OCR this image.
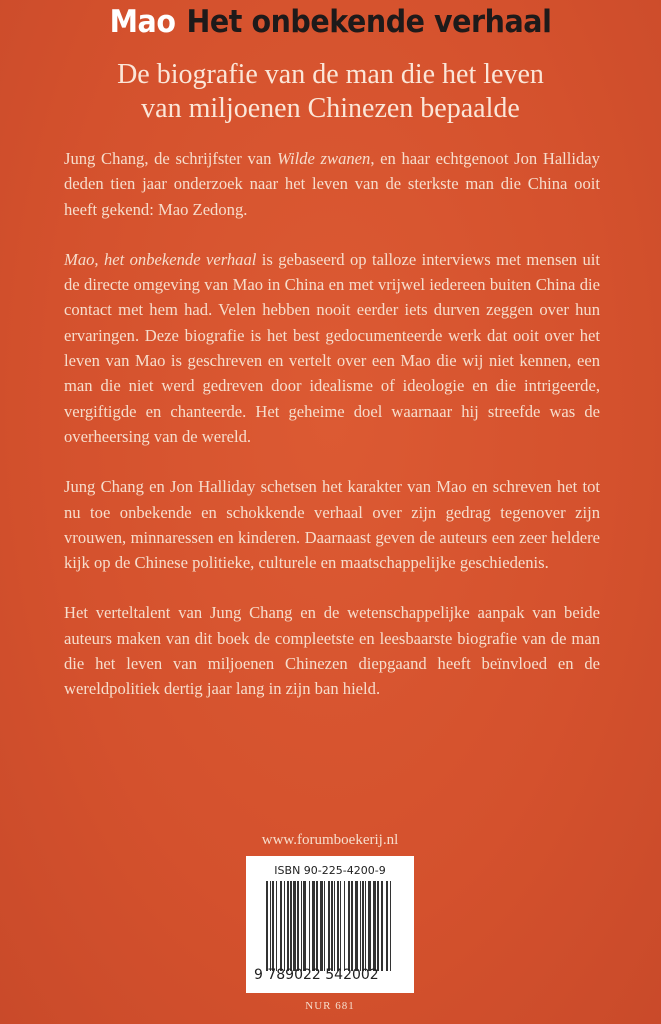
Mao Het onbekende verhaal
De biografie van de man die het leven
van miljoenen Chinezen bepaalde

Jung Chang, de schrijfster van Wilde zwanen, en haar echtgenoot Jon Halliday deden tien jaar onderzoek naar het leven van de sterkste man die China ooit heeft gekend: Mao Zedong.

Mao, het onbekende verhaal is gebaseerd op talloze interviews met mensen uit de directe omgeving van Mao in China en met vrijwel iedereen buiten China die contact met hem had. Velen hebben nooit eerder iets durven zeggen over hun ervaringen. Deze biografie is het best gedocumenteerde werk dat ooit over het leven van Mao is geschreven en vertelt over een Mao die wij niet kennen, een man die niet werd gedreven door idealisme of ideologie en die intrigeerde, vergiftigde en chanteerde. Het geheime doel waarnaar hij streefde was de overheersing van de wereld.

Jung Chang en Jon Halliday schetsen het karakter van Mao en schreven het tot nu toe onbekende en schokkende verhaal over zijn gedrag tegenover zijn vrouwen, minnaressen en kinderen. Daarnaast geven de auteurs een zeer heldere kijk op de Chinese politieke, culturele en maatschappelijke geschiedenis.

Het verteltalent van Jung Chang en de wetenschappelijke aanpak van beide auteurs maken van dit boek de compleetste en leesbaarste biografie van de man die het leven van miljoenen Chinezen diepgaand heeft beïnvloed en de wereldpolitiek dertig jaar lang in zijn ban hield.

www.forumboekerij.nl
ISBN 90-225-4200-9
9 789022 542002
NUR 681
